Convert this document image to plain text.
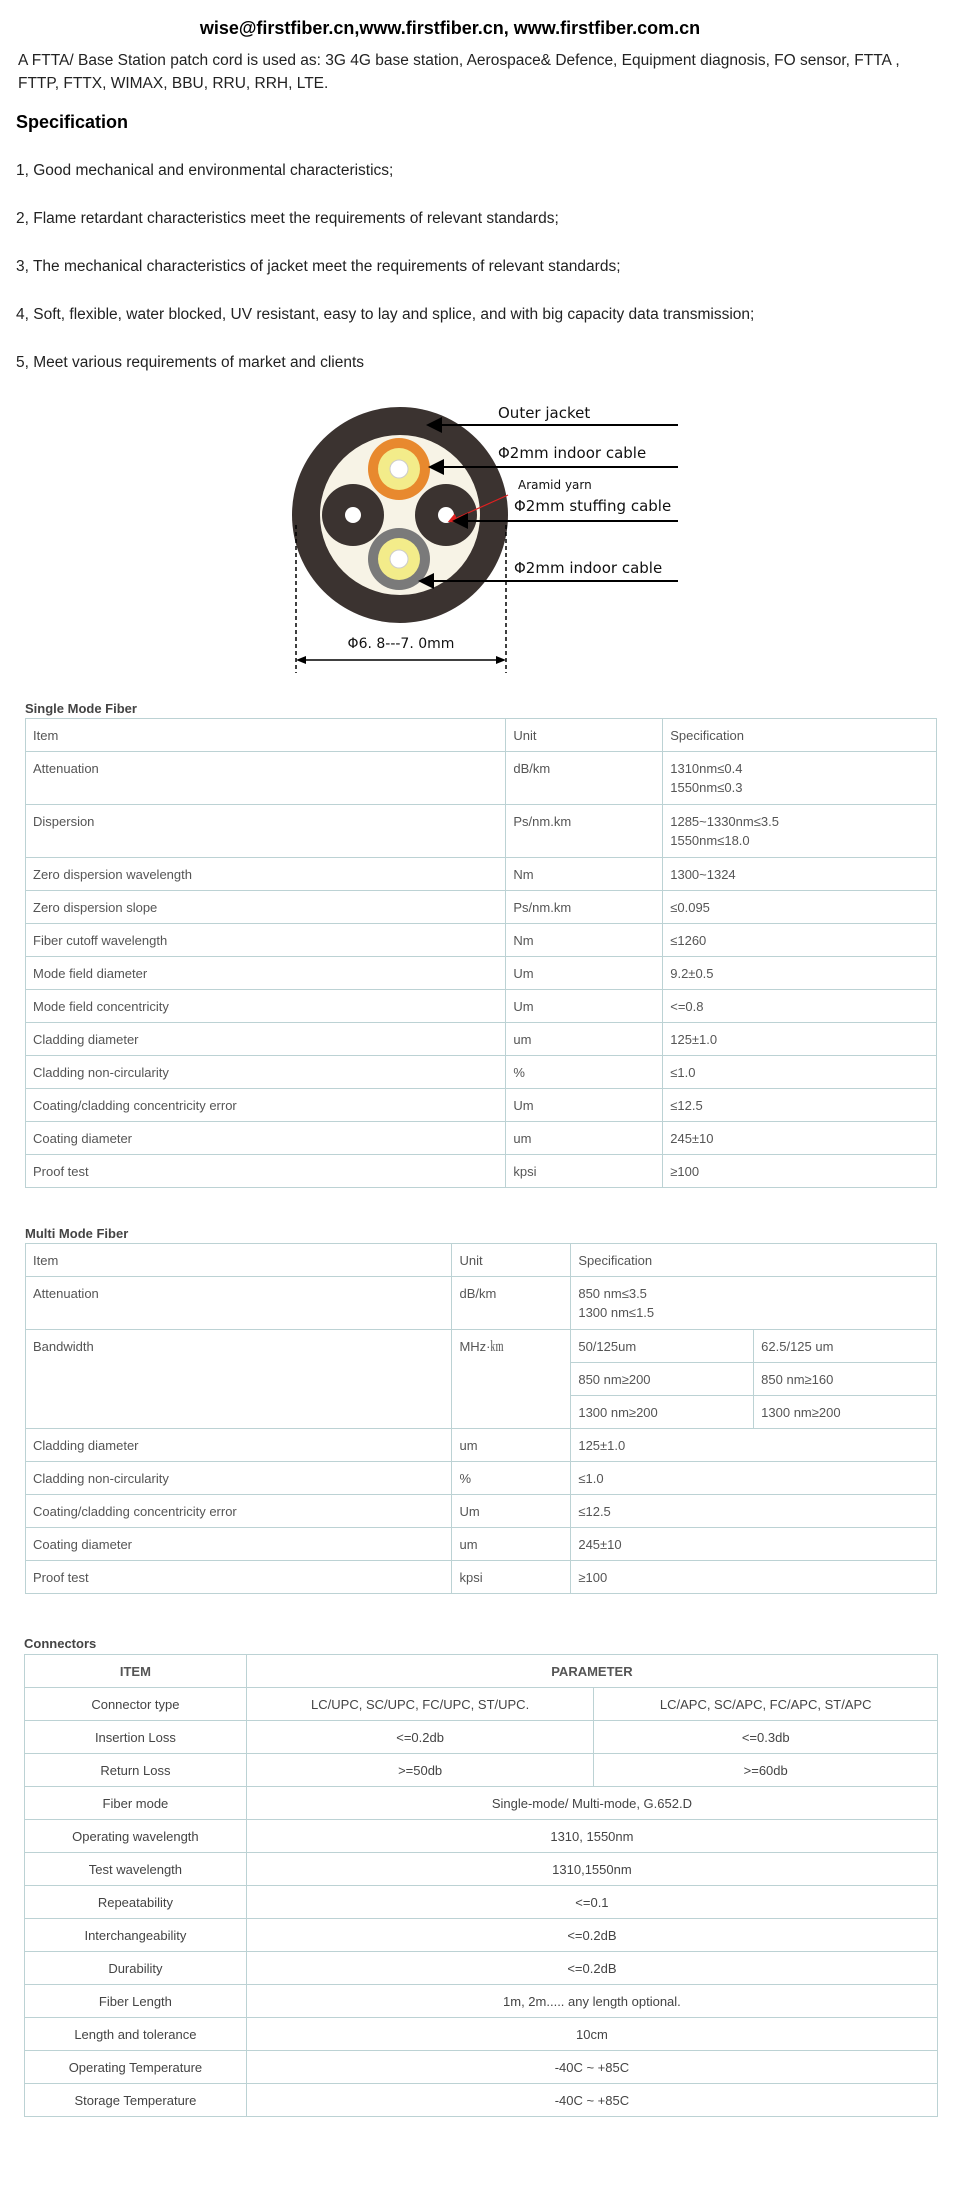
wise@firstfiber.cn,www.firstfiber.cn, www.firstfiber.com.cn
A FTTA/ Base Station patch cord is used as: 3G 4G base station, Aerospace& Defence, Equipment diagnosis, FO sensor, FTTA , FTTP, FTTX, WIMAX, BBU, RRU, RRH, LTE.
Specification
1, Good mechanical and environmental characteristics;
2, Flame retardant characteristics meet the requirements of relevant standards;
3, The mechanical characteristics of jacket meet the requirements of relevant standards;
4, Soft, flexible, water blocked, UV resistant, easy to lay and splice, and with big capacity data transmission;
5, Meet various requirements of market and clients
Outer jacket
Φ2mm indoor cable
Aramid yarn
Φ2mm stuffing cable
Φ2mm indoor cable
Φ6. 8---7. 0mm
Single Mode Fiber
Item	Unit	Specification

Attenuation	dB/km	1310nm≤0.4
1550nm≤0.3

Dispersion	Ps/nm.km	1285~1330nm≤3.5
1550nm≤18.0

Zero dispersion wavelength	Nm	1300~1324

Zero dispersion slope	Ps/nm.km	≤0.095

Fiber cutoff wavelength	Nm	≤1260

Mode field diameter	Um	9.2±0.5

Mode field concentricity	Um	<=0.8

Cladding diameter	um	125±1.0

Cladding non-circularity	%	≤1.0

Coating/cladding concentricity error	Um	≤12.5

Coating diameter	um	245±10

Proof test	kpsi	≥100
Multi Mode Fiber
Item	Unit	Specification	

Attenuation	dB/km	850 nm≤3.5
1300 nm≤1.5	

Bandwidth	MHz·㎞	50/125um	62.5/125 um

		850 nm≥200	850 nm≥160

		1300 nm≥200	1300 nm≥200

Cladding diameter	um	125±1.0	

Cladding non-circularity	%	≤1.0	

Coating/cladding concentricity error	Um	≤12.5	

Coating diameter	um	245±10	

Proof test	kpsi	≥100	
Connectors
ITEM	PARAMETER	
Connector type	LC/UPC, SC/UPC, FC/UPC, ST/UPC.	LC/APC, SC/APC, FC/APC, ST/APC
Insertion Loss	<=0.2db	<=0.3db
Return Loss	>=50db	>=60db
Fiber mode	Single-mode/ Multi-mode, G.652.D	
Operating wavelength	1310, 1550nm	
Test wavelength	1310,1550nm	
Repeatability	<=0.1	
Interchangeability	<=0.2dB	
Durability	<=0.2dB	
Fiber Length	1m, 2m..... any length optional.	
Length and tolerance	10cm	
Operating Temperature	-40C ~ +85C	
Storage Temperature	-40C ~ +85C	
